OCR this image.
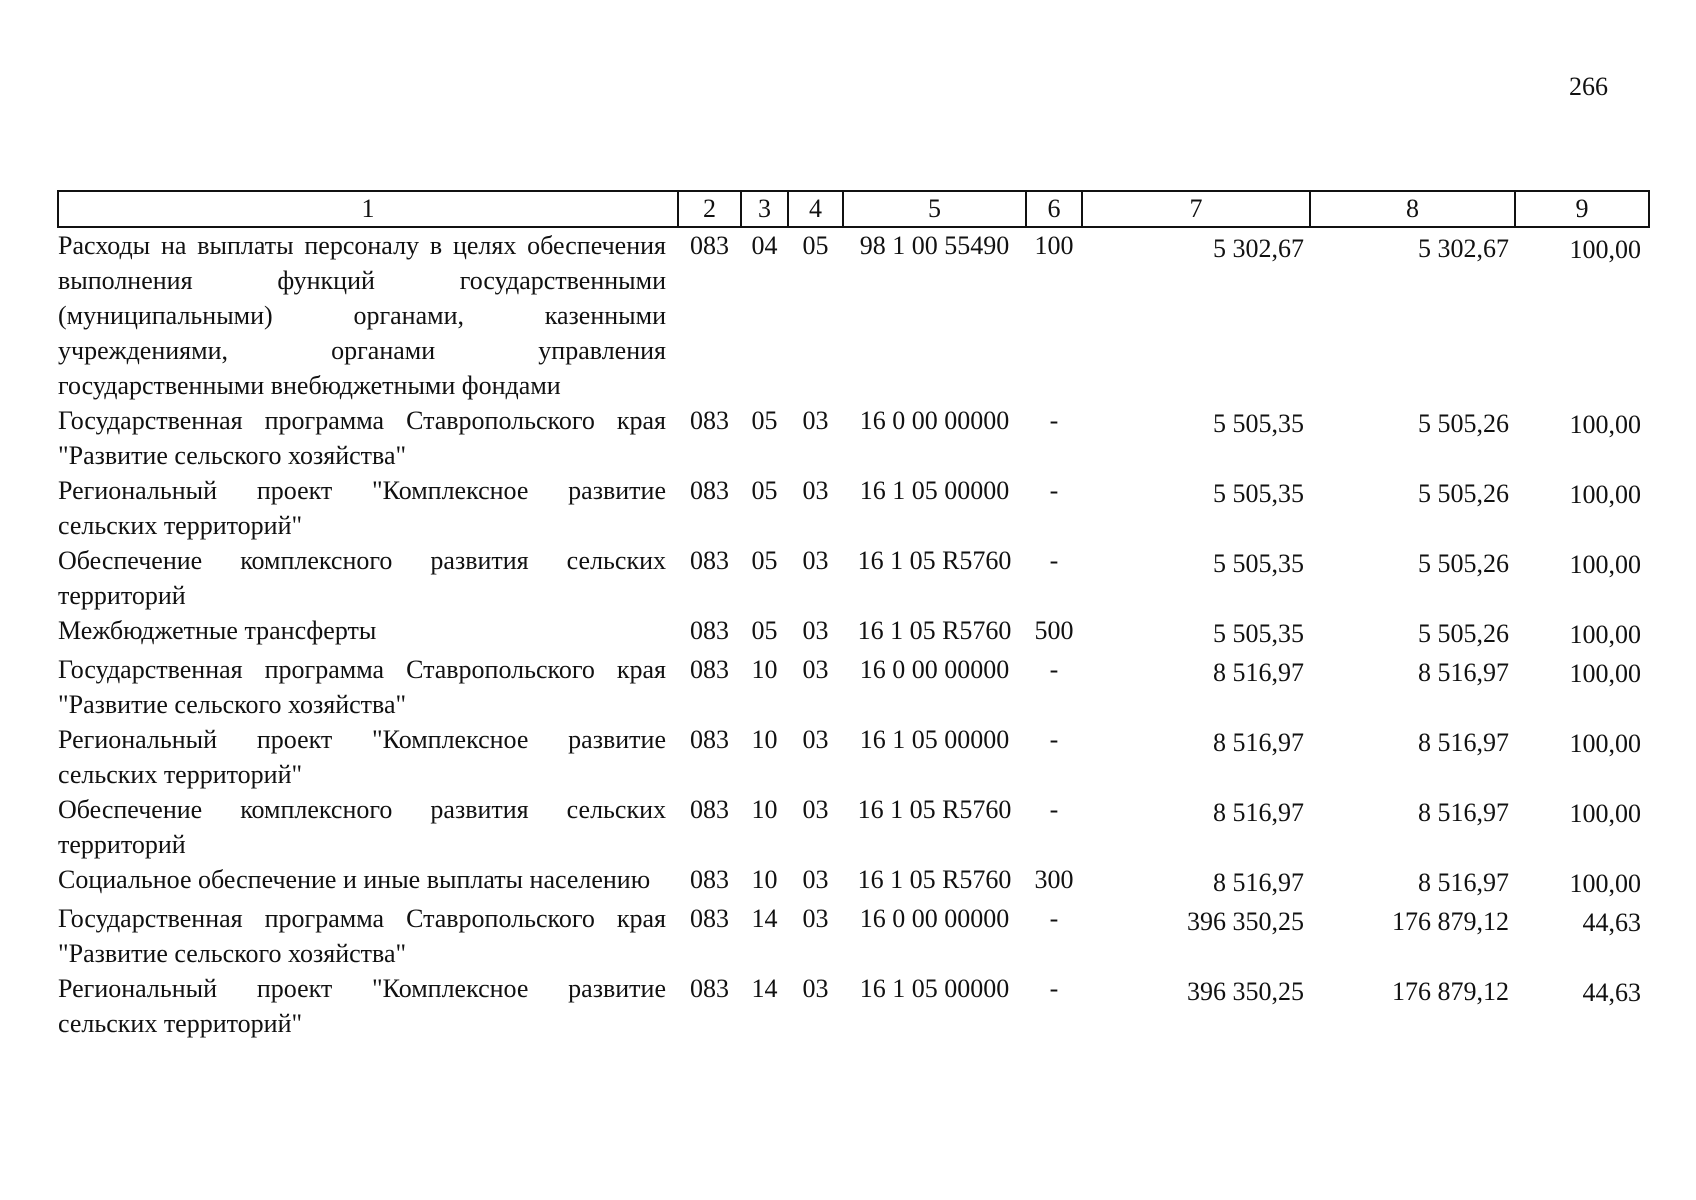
266
1	2	3	4	5	6	7	8	9
Расходы на выплаты персоналу в целях обеспечения выполнения функций государственными (муниципальными) органами, казенными учреждениями, органами управления государственными внебюджетными фондами	083	04	05	98 1 00 55490	100	5 302,67	5 302,67	100,00
Государственная программа Ставропольского края "Развитие сельского хозяйства"	083	05	03	16 0 00 00000	-	5 505,35	5 505,26	100,00
Региональный проект "Комплексное развитие сельских территорий"	083	05	03	16 1 05 00000	-	5 505,35	5 505,26	100,00
Обеспечение комплексного развития сельских территорий	083	05	03	16 1 05 R5760	-	5 505,35	5 505,26	100,00
Межбюджетные трансферты	083	05	03	16 1 05 R5760	500	5 505,35	5 505,26	100,00
Государственная программа Ставропольского края "Развитие сельского хозяйства"	083	10	03	16 0 00 00000	-	8 516,97	8 516,97	100,00
Региональный проект "Комплексное развитие сельских территорий"	083	10	03	16 1 05 00000	-	8 516,97	8 516,97	100,00
Обеспечение комплексного развития сельских территорий	083	10	03	16 1 05 R5760	-	8 516,97	8 516,97	100,00
Социальное обеспечение и иные выплаты населению	083	10	03	16 1 05 R5760	300	8 516,97	8 516,97	100,00
Государственная программа Ставропольского края "Развитие сельского хозяйства"	083	14	03	16 0 00 00000	-	396 350,25	176 879,12	44,63
Региональный проект "Комплексное развитие сельских территорий"	083	14	03	16 1 05 00000	-	396 350,25	176 879,12	44,63
